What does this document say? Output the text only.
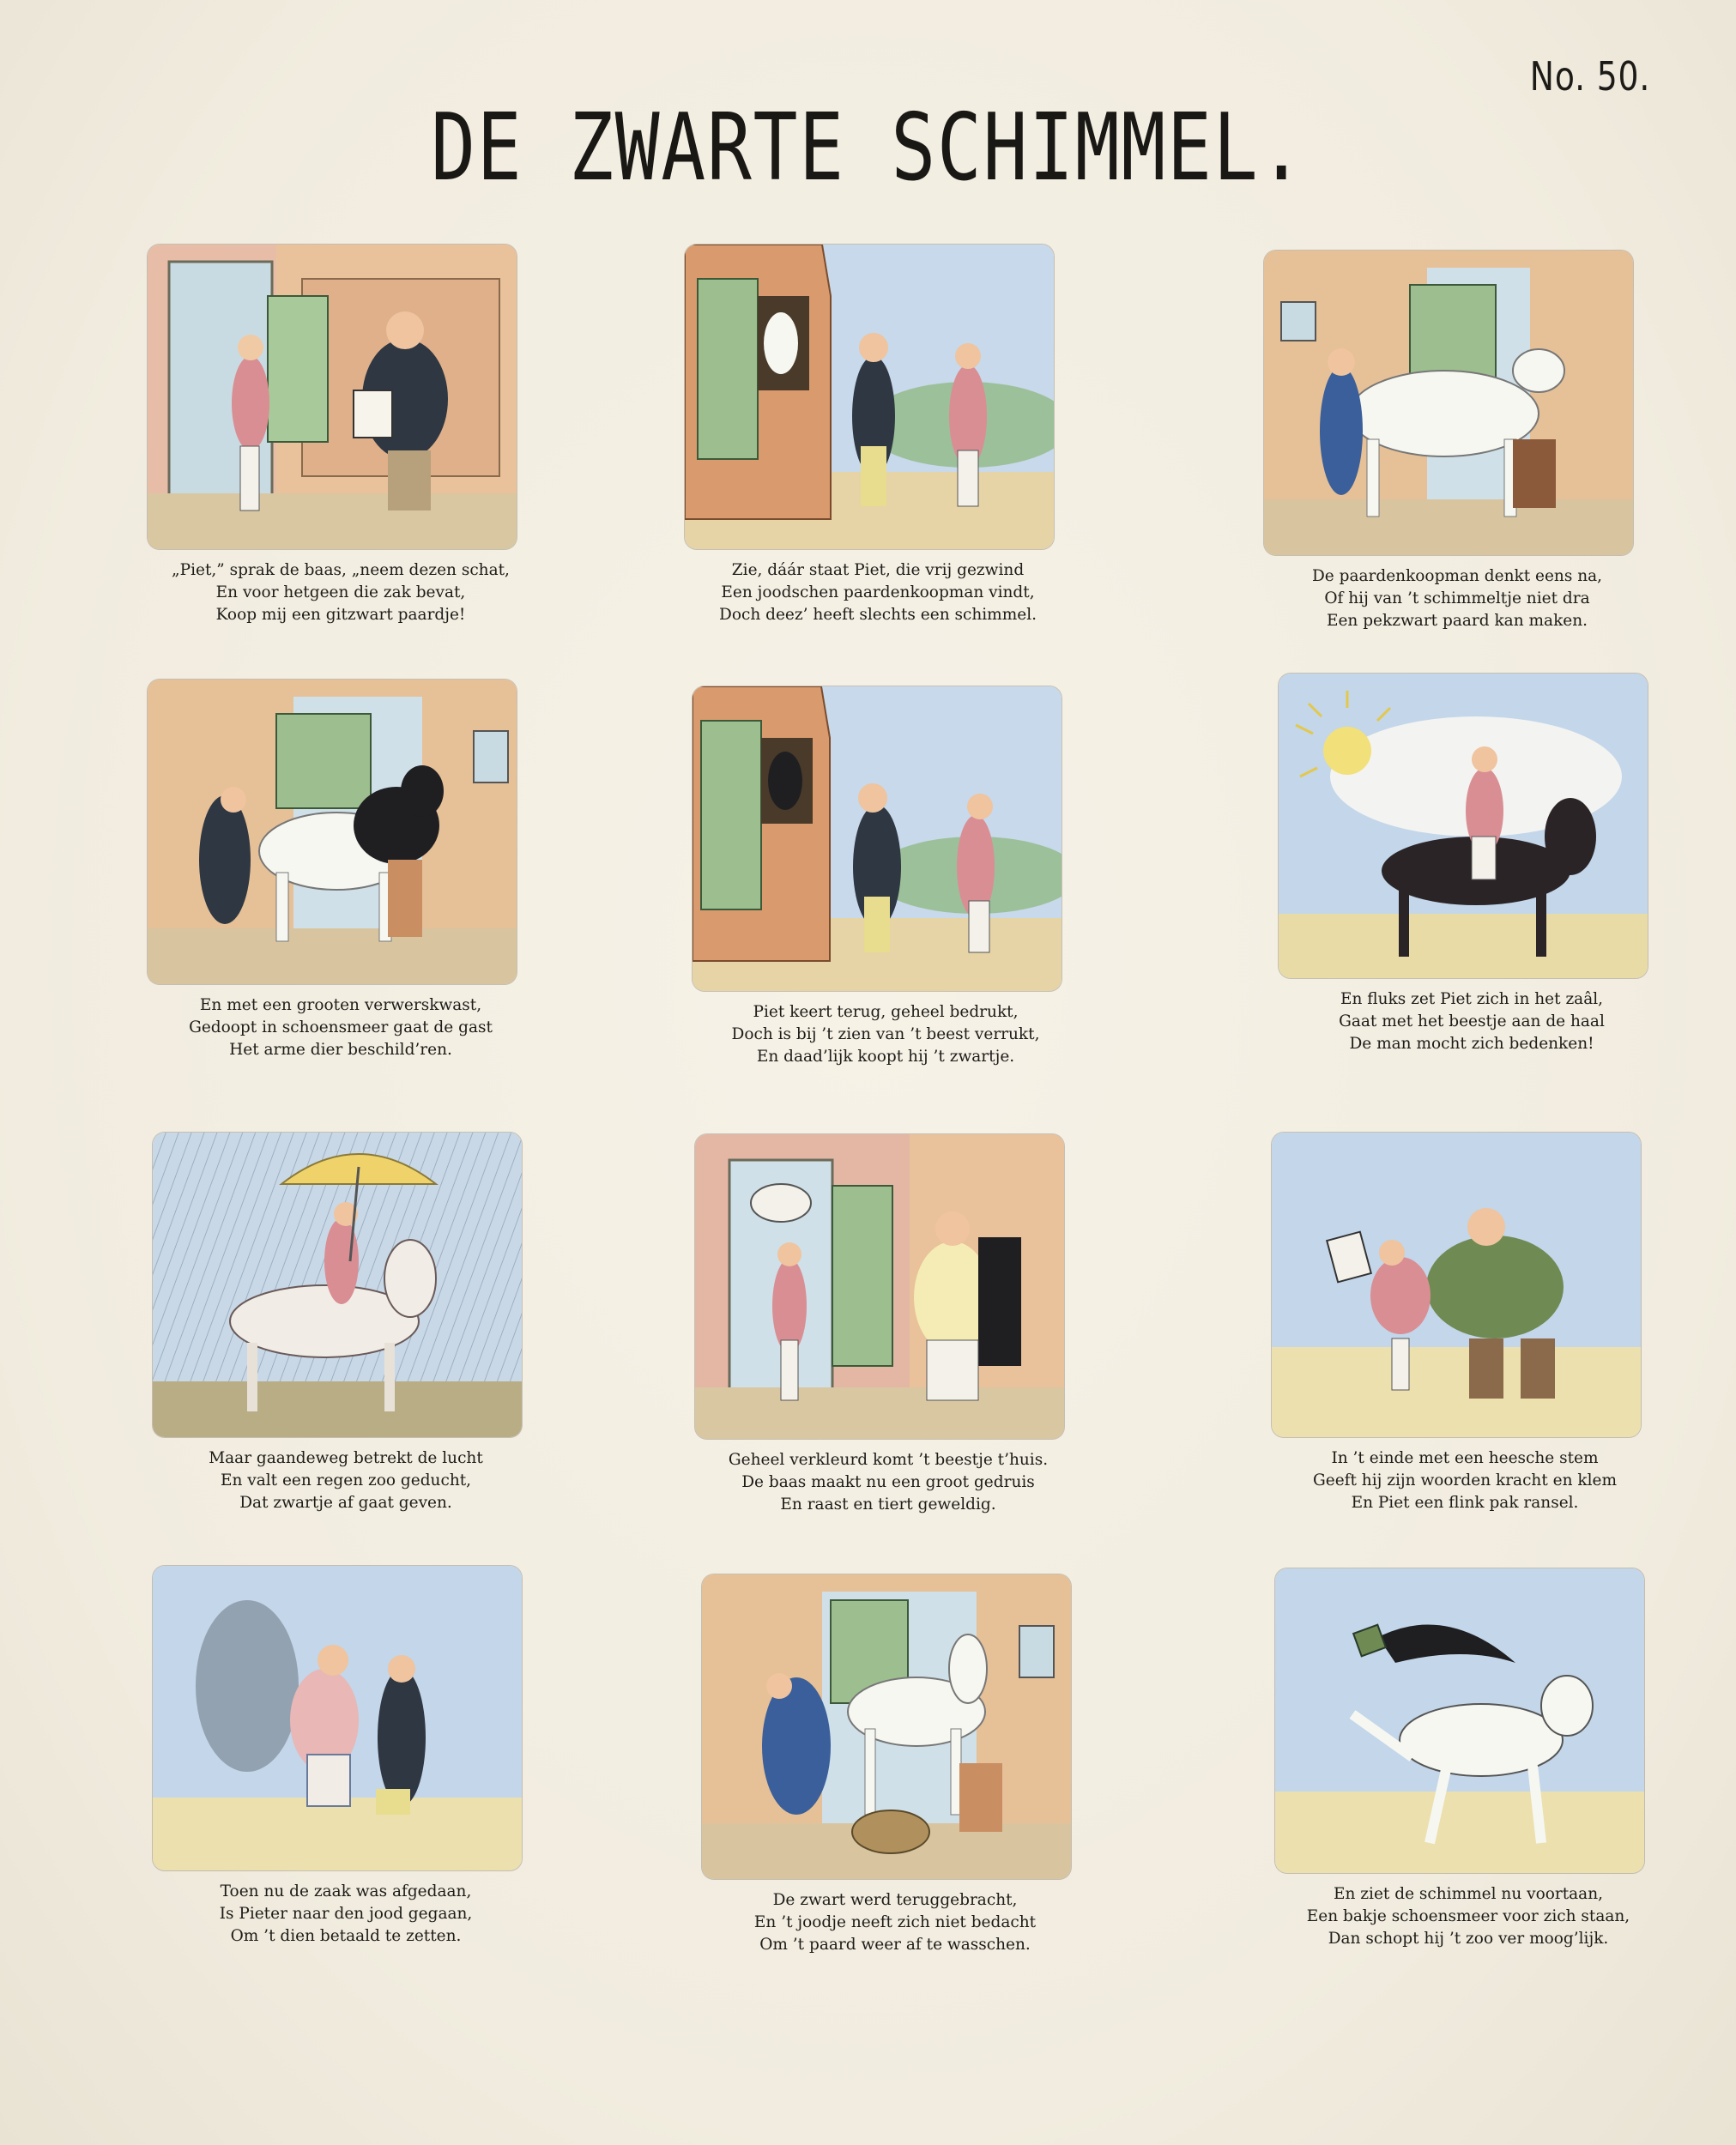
No. 50.
DE ZWARTE SCHIMMEL.
„Piet,” sprak de baas, „neem dezen schat,
En voor hetgeen die zak bevat,
Koop mij een gitzwart paardje!
Zie, dáár staat Piet, die vrij gezwind
Een joodschen paardenkoopman vindt,
Doch deez’ heeft slechts een schimmel.
De paardenkoopman denkt eens na,
Of hij van ’t schimmeltje niet dra
Een pekzwart paard kan maken.
En met een grooten verwerskwast,
Gedoopt in schoensmeer gaat de gast
Het arme dier beschild’ren.
Piet keert terug, geheel bedrukt,
Doch is bij ’t zien van ’t beest verrukt,
En daad’lijk koopt hij ’t zwartje.
En fluks zet Piet zich in het zaâl,
Gaat met het beestje aan de haal
De man mocht zich bedenken!
Maar gaandeweg betrekt de lucht
En valt een regen zoo geducht,
Dat zwartje af gaat geven.
Geheel verkleurd komt ’t beestje t’huis.
De baas maakt nu een groot gedruis
En raast en tiert geweldig.
In ’t einde met een heesche stem
Geeft hij zijn woorden kracht en klem
En Piet een flink pak ransel.
Toen nu de zaak was afgedaan,
Is Pieter naar den jood gegaan,
Om ’t dien betaald te zetten.
De zwart werd teruggebracht,
En ’t joodje neeft zich niet bedacht
Om ’t paard weer af te wasschen.
En ziet de schimmel nu voortaan,
Een bakje schoensmeer voor zich staan,
Dan schopt hij ’t zoo ver moog’lijk.
